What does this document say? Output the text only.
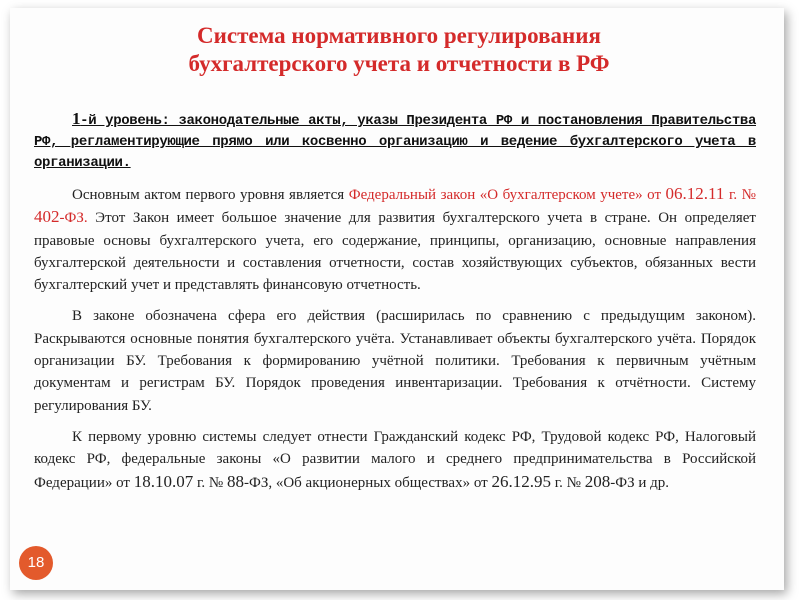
Система нормативного регулирования
бухгалтерского учета и отчетности в РФ

1-й уровень: законодательные акты, указы Президента РФ и постановления Правительства РФ, регламентирующие прямо или косвенно организацию и ведение бухгалтерского учета в организации.

Основным актом первого уровня является Федеральный закон «О бухгалтерском учете» от 06.12.11 г. № 402-ФЗ. Этот Закон имеет большое значение для развития бухгалтерского учета в стране. Он определяет правовые основы бухгалтерского учета, его содержание, принципы, организацию, основные направления бухгалтерской деятельности и составления отчетности, состав хозяйствующих субъектов, обязанных вести бухгалтерский учет и представлять финансовую отчетность.

В законе обозначена сфера его действия (расширилась по сравнению с предыдущим законом). Раскрываются основные понятия бухгалтерского учёта. Устанавливает объекты бухгалтерского учёта. Порядок организации БУ. Требования к формированию учётной политики. Требования к первичным учётным документам и регистрам БУ. Порядок проведения инвентаризации. Требования к отчётности. Систему регулирования БУ.

К первому уровню системы следует отнести Гражданский кодекс РФ, Трудовой кодекс РФ, Налоговый кодекс РФ, федеральные законы «О развитии малого и среднего предпринимательства в Российской Федерации» от 18.10.07 г. № 88-ФЗ, «Об акционерных обществах» от 26.12.95 г. № 208-ФЗ и др.

18
